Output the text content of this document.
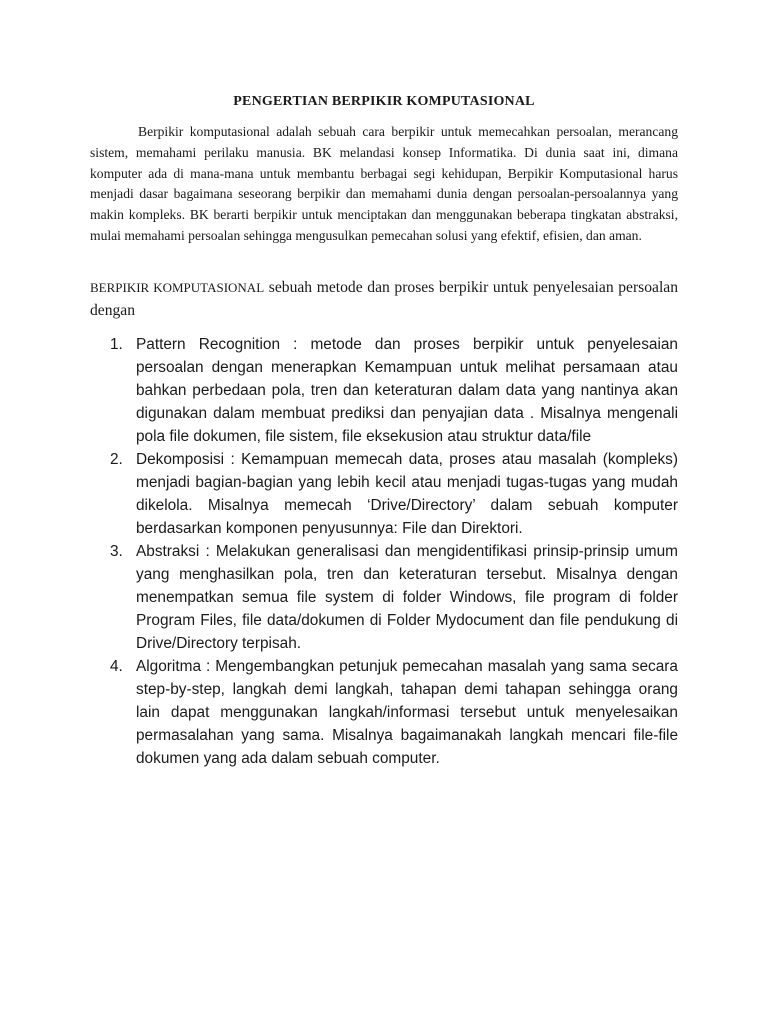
PENGERTIAN BERPIKIR KOMPUTASIONAL

Berpikir komputasional adalah sebuah cara berpikir untuk memecahkan persoalan, merancang sistem, memahami perilaku manusia. BK melandasi konsep Informatika. Di dunia saat ini, dimana komputer ada di mana-mana untuk membantu berbagai segi kehidupan, Berpikir Komputasional harus menjadi dasar bagaimana seseorang berpikir dan memahami dunia dengan persoalan-persoalannya yang makin kompleks. BK berarti berpikir untuk menciptakan dan menggunakan beberapa tingkatan abstraksi, mulai memahami persoalan sehingga mengusulkan pemecahan solusi yang efektif, efisien, dan aman.

BERPIKIR KOMPUTASIONAL sebuah metode dan proses berpikir untuk penyelesaian persoalan dengan

1. Pattern Recognition : metode dan proses berpikir untuk penyelesaian persoalan dengan menerapkan Kemampuan untuk melihat persamaan atau bahkan perbedaan pola, tren dan keteraturan dalam data yang nantinya akan digunakan dalam membuat prediksi dan penyajian data . Misalnya mengenali pola file dokumen, file sistem, file eksekusion atau struktur data/file
2. Dekomposisi : Kemampuan memecah data, proses atau masalah (kompleks) menjadi bagian-bagian yang lebih kecil atau menjadi tugas-tugas yang mudah dikelola. Misalnya memecah ‘Drive/Directory’ dalam sebuah komputer berdasarkan komponen penyusunnya: File dan Direktori.
3. Abstraksi : Melakukan generalisasi dan mengidentifikasi prinsip-prinsip umum yang menghasilkan pola, tren dan keteraturan tersebut. Misalnya dengan menempatkan semua file system di folder Windows, file program di folder Program Files, file data/dokumen di Folder Mydocument dan file pendukung di Drive/Directory terpisah.
4. Algoritma : Mengembangkan petunjuk pemecahan masalah yang sama secara step-by-step, langkah demi langkah, tahapan demi tahapan sehingga orang lain dapat menggunakan langkah/informasi tersebut untuk menyelesaikan permasalahan yang sama. Misalnya bagaimanakah langkah mencari file-file dokumen yang ada dalam sebuah computer.
